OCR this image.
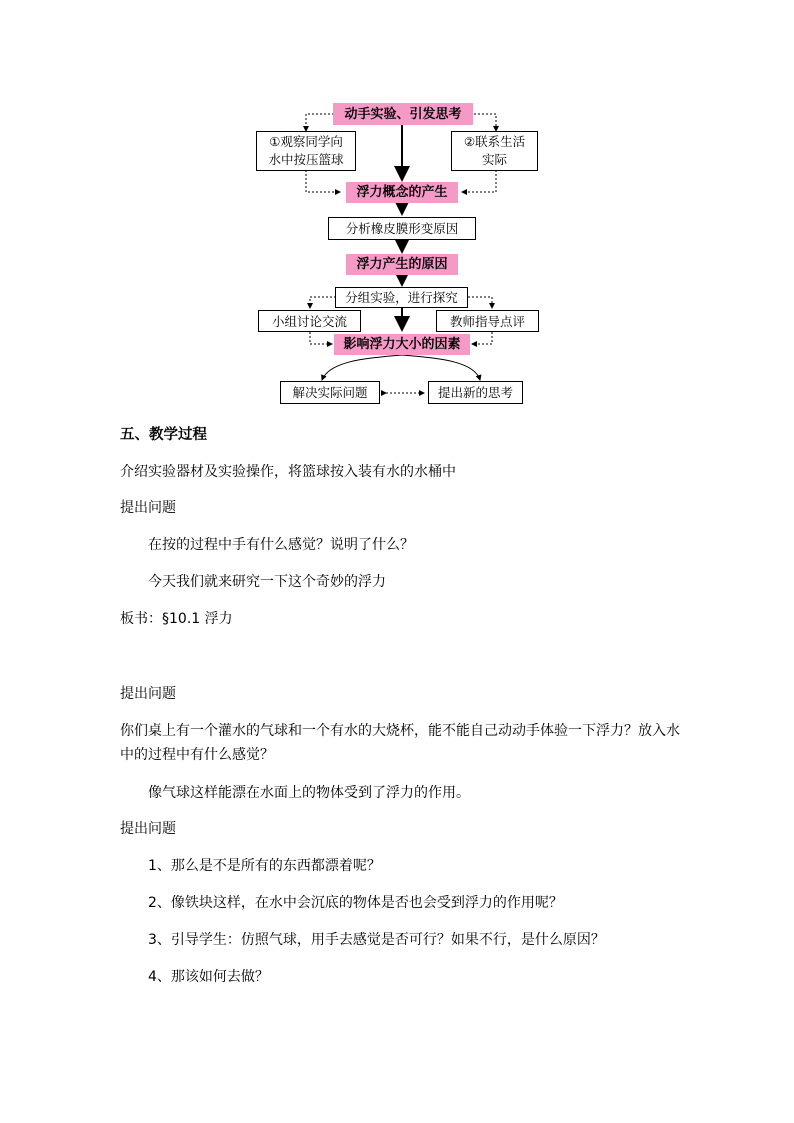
动手实验、引发思考
①观察同学向
水中按压篮球
②联系生活
实际
浮力概念的产生
分析橡皮膜形变原因
浮力产生的原因
分组实验，进行探究
小组讨论交流	教师指导点评
影响浮力大小的因素
解决实际问题	提出新的思考
五、教学过程
介绍实验器材及实验操作，将篮球按入装有水的水桶中
提出问题
在按的过程中手有什么感觉？说明了什么？
今天我们就来研究一下这个奇妙的浮力
板书：§10.1 浮力
提出问题
你们桌上有一个灌水的气球和一个有水的大烧杯，能不能自己动动手体验一下浮力？放入水
中的过程中有什么感觉？
像气球这样能漂在水面上的物体受到了浮力的作用。
提出问题
1、那么是不是所有的东西都漂着呢？
2、像铁块这样，在水中会沉底的物体是否也会受到浮力的作用呢？
3、引导学生：仿照气球，用手去感觉是否可行？如果不行，是什么原因？
4、那该如何去做？
